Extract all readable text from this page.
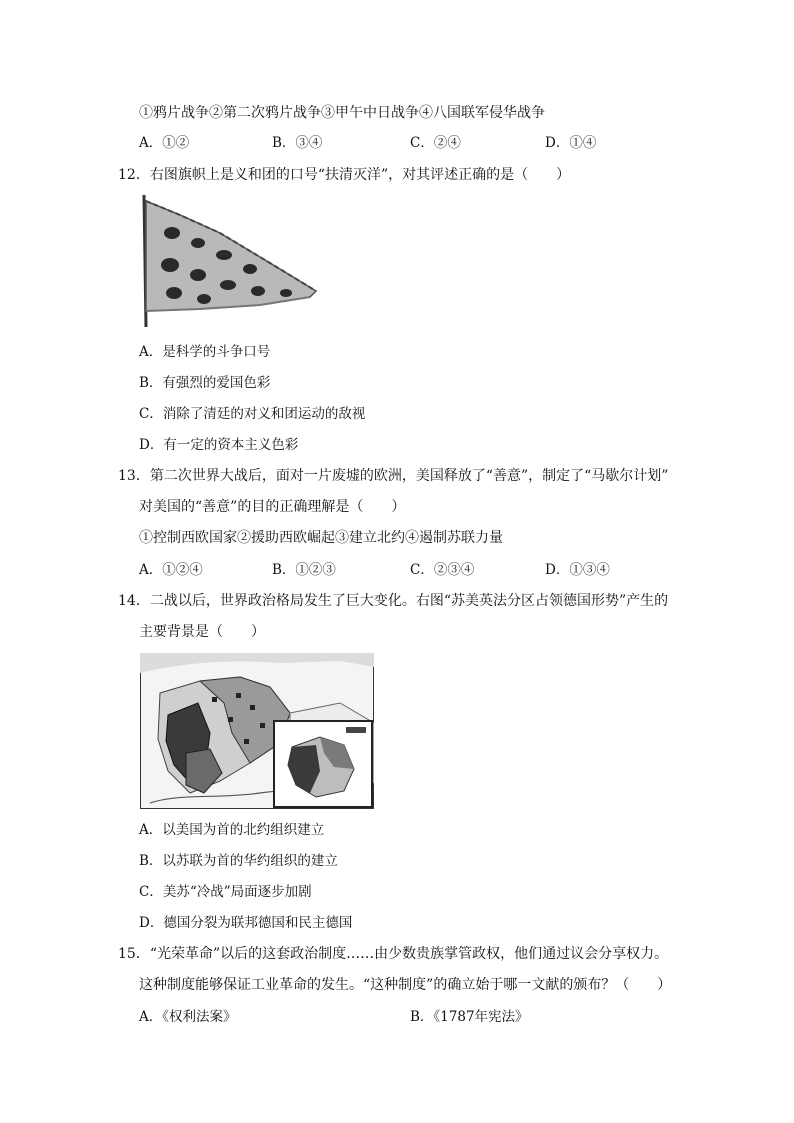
①鸦片战争②第二次鸦片战争③甲午中日战争④八国联军侵华战争
A．①②	B．③④	C．②④	D．①④
12．右图旗帜上是义和团的口号“扶清灭洋”，对其评述正确的是（　　）
A．是科学的斗争口号
B．有强烈的爱国色彩
C．消除了清廷的对义和团运动的敌视
D．有一定的资本主义色彩
13．第二次世界大战后，面对一片废墟的欧洲，美国释放了“善意”，制定了“马歇尔计划”
对美国的“善意”的目的正确理解是（　　）
①控制西欧国家②援助西欧崛起③建立北约④遏制苏联力量
A．①②④	B．①②③	C．②③④	D．①③④
14．二战以后，世界政治格局发生了巨大变化。右图“苏美英法分区占领德国形势”产生的
主要背景是（　　）
A．以美国为首的北约组织建立
B．以苏联为首的华约组织的建立
C．美苏“冷战”局面逐步加剧
D．德国分裂为联邦德国和民主德国
15．“光荣革命”以后的这套政治制度……由少数贵族掌管政权，他们通过议会分享权力。
这种制度能够保证工业革命的发生。“这种制度”的确立始于哪一文献的颁布？（　　）
A．《权利法案》	B．《1787年宪法》
